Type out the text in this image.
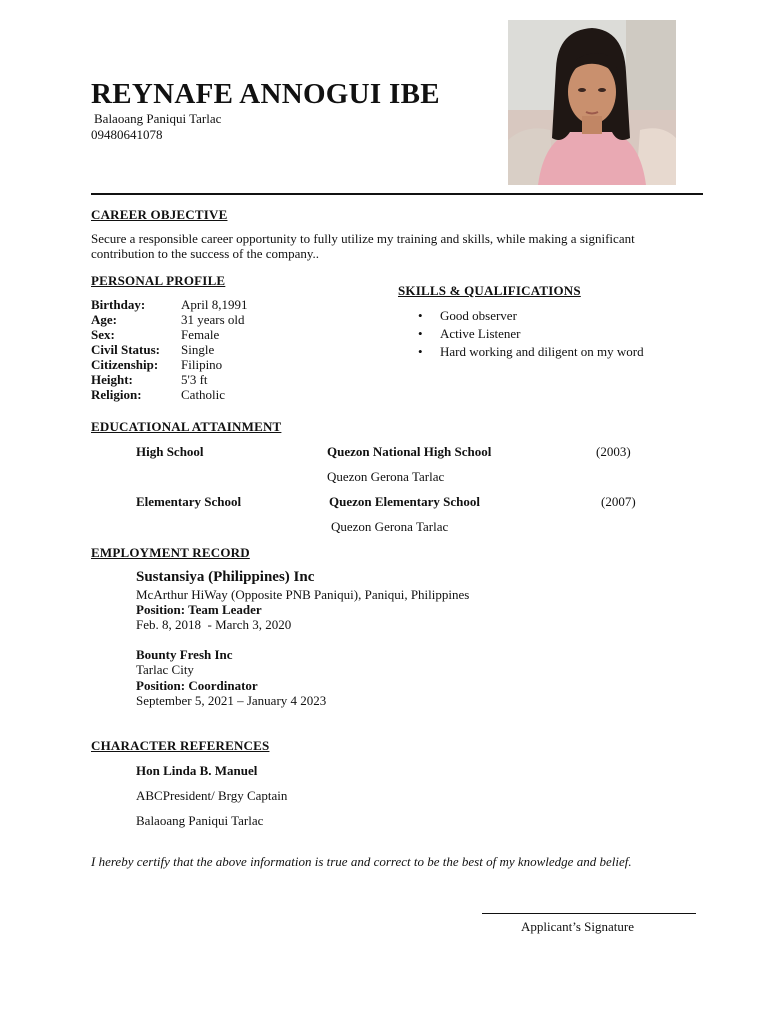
REYNAFE ANNOGUI IBE
Balaoang Paniqui Tarlac
09480641078
CAREER OBJECTIVE
Secure a responsible career opportunity to fully utilize my training and skills, while making a significant contribution to the success of the company..
PERSONAL PROFILE
Birthday:	April 8,1991
Age:	31 years old
Sex:	Female
Civil Status:	Single
Citizenship:	Filipino
Height:	5'3 ft
Religion:	Catholic
SKILLS & QUALIFICATIONS
• Good observer
• Active Listener
• Hard working and diligent on my word
EDUCATIONAL ATTAINMENT
High School	Quezon National High School	(2003)
Quezon Gerona Tarlac
Elementary School	Quezon Elementary School	(2007)
Quezon Gerona Tarlac
EMPLOYMENT RECORD
Sustansiya (Philippines) Inc
McArthur HiWay (Opposite PNB Paniqui), Paniqui, Philippines
Position: Team Leader
Feb. 8, 2018  - March 3, 2020
Bounty Fresh Inc
Tarlac City
Position: Coordinator
September 5, 2021 – January 4 2023
CHARACTER REFERENCES
Hon Linda B. Manuel
ABCPresident/ Brgy Captain
Balaoang Paniqui Tarlac
I hereby certify that the above information is true and correct to be the best of my knowledge and belief.
Applicant’s Signature
